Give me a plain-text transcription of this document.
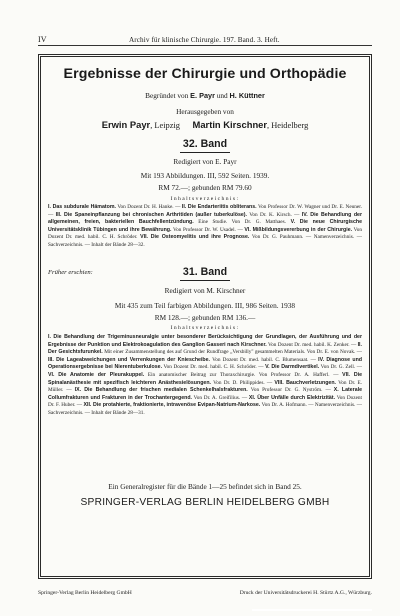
IV	Archiv für klinische Chirurgie. 197. Band. 3. Heft.
Ergebnisse der Chirurgie und Orthopädie
Begründet von E. Payr und H. Küttner
Herausgegeben von
Erwin Payr, Leipzig Martin Kirschner, Heidelberg
32. Band
Redigiert von E. Payr
Mit 193 Abbildungen. III, 592 Seiten. 1939.
RM 72.—; gebunden RM 79.60
Inhaltsverzeichnis:
I. Das subdurale Hämatom. Von Dozent Dr. H. Hanke. — II. Die Endarteriitis obliterans. Von Professor Dr. W. Wagner und Dr. E. Neuner. — III. Die Spaneinpflanzung bei chronischen Arthritiden (außer tuberkulöse). Von Dr. K. Kirsch. — IV. Die Behandlung der allgemeinen, freien, bakteriellen Bauchfellentzündung. Eine Studie. Von Dr. G. Matthaes. V. Die neue Chirurgische Universitätsklinik Tübingen und ihre Bewährung. Von Professor Dr. W. Usadel. — VI. Mißbildungsvererbung in der Chirurgie. Von Dozent Dr. med. habil. C. H. Schröder. VII. Die Osteomyelitis und ihre Prognose. Von Dr. G. Pauhmann. — Namenverzeichnis. — Sachverzeichnis. — Inhalt der Bände 28—32.
Früher erschien:	31. Band
Redigiert von M. Kirschner
Mit 435 zum Teil farbigen Abbildungen. III, 986 Seiten. 1938
RM 128.—; gebunden RM 136.—
Inhaltsverzeichnis:
I. Die Behandlung der Trigeminusneuralgie unter besonderer Berücksichtigung der Grundlagen, der Ausführung und der Ergebnisse der Punktion und Elektrokoagulation des Ganglion Gasseri nach Kirschner. Von Dozent Dr. med. habil. K. Zenker. — II. Der Gesichtsfurunkel. Mit einer Zusammenstellung des auf Grund der Rundfrage „Versbilly" gesammelten Materials. Von Dr. E. von Novak. — III. Die Lageabweichungen und Verrenkungen der Kniescheibe. Von Dozent Dr. med. habil. C. Blumensaat. — IV. Diagnose und Operationsergebnisse bei Nierentuberkulose. Von Dozent Dr. med. habil. C. H. Schröder. — V. Die Darmdivertikel. Von Dr. G. Zell. — VI. Die Anatomie der Pleurakuppel. Ein anatomischer Beitrag zur Thoraxchirurgie. Von Professor Dr. A. Hafferl. — VII. Die Spinalanästhesie mit spezifisch leichteren Anästhesielösungen. Von Dr. D. Philippides. — VIII. Bauchverletzungen. Von Dr. E. Müller. — IX. Die Behandlung der frischen medialen Schenkelhalsfrakturen. Von Professor Dr. G. Nyström. — X. Laterale Collumfrakturen und Frakturen in der Trochantergegend. Von Dr. A. Greifilius. — XI. Über Unfälle durch Elektrizität. Von Dozent Dr. F. Huber. — XII. Die protahierte, fraktionierte, intravenöse Evipan-Natrium-Narkose. Von Dr. A. Hofmann. — Namenverzeichnis. — Sachverzeichnis. — Inhalt der Bände 28—31.
Ein Generalregister für die Bände 1—25 befindet sich in Band 25.
SPRINGER-VERLAG BERLIN HEIDELBERG GMBH
Springer-Verlag Berlin Heidelberg GmbH	Druck der Universitätsdruckerei H. Stürtz A.G., Würzburg.
